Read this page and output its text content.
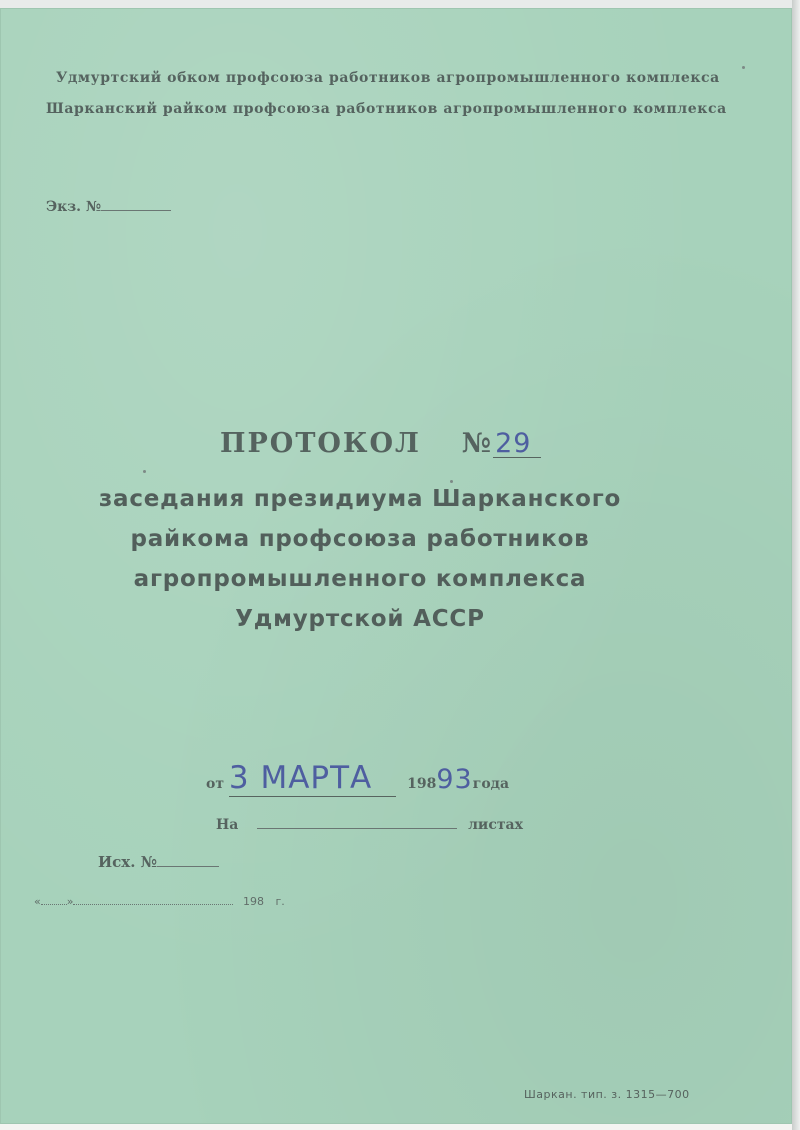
Удмуртский обком профсоюза работников агропромышленного комплекса
Шарканский райком профсоюза работников агропромышленного комплекса
Экз. №
ПРОТОКОЛ №29
заседания президиума Шарканского
райкома профсоюза работников
агропромышленного комплекса
Удмуртской АССР
от 3 МАРТА 19893года
На	листах
Исх. №
« »	198 г.
Шаркан. тип. з. 1315—700
